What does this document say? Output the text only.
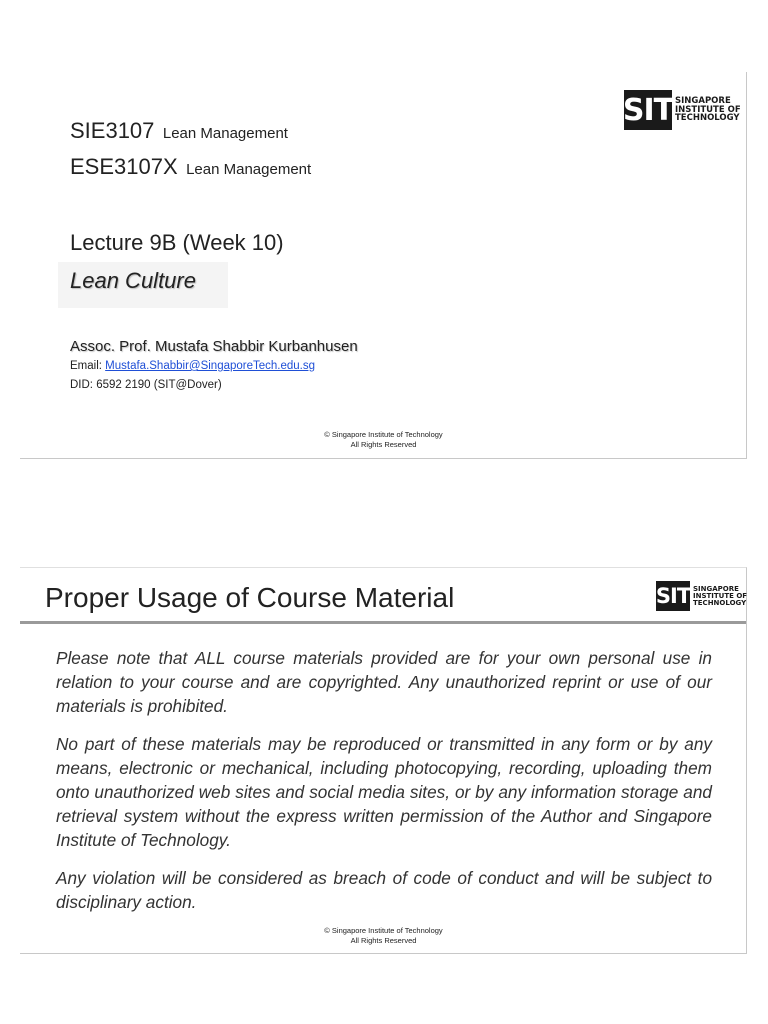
SIT SINGAPORE
INSTITUTE OF
TECHNOLOGY
SIE3107 Lean Management
ESE3107X Lean Management
Lecture 9B (Week 10)
Lean Culture
Assoc. Prof. Mustafa Shabbir Kurbanhusen
Email: Mustafa.Shabbir@SingaporeTech.edu.sg
DID: 6592 2190 (SIT@Dover)
© Singapore Institute of Technology
All Rights Reserved
Proper Usage of Course Material	SIT SINGAPORE
INSTITUTE OF
TECHNOLOGY

Please note that ALL course materials provided are for your own personal use in relation to your course and are copyrighted. Any unauthorized reprint or use of our materials is prohibited.

No part of these materials may be reproduced or transmitted in any form or by any means, electronic or mechanical, including photocopying, recording, uploading them onto unauthorized web sites and social media sites, or by any information storage and retrieval system without the express written permission of the Author and Singapore Institute of Technology.

Any violation will be considered as breach of code of conduct and will be subject to disciplinary action.

© Singapore Institute of Technology
All Rights Reserved
